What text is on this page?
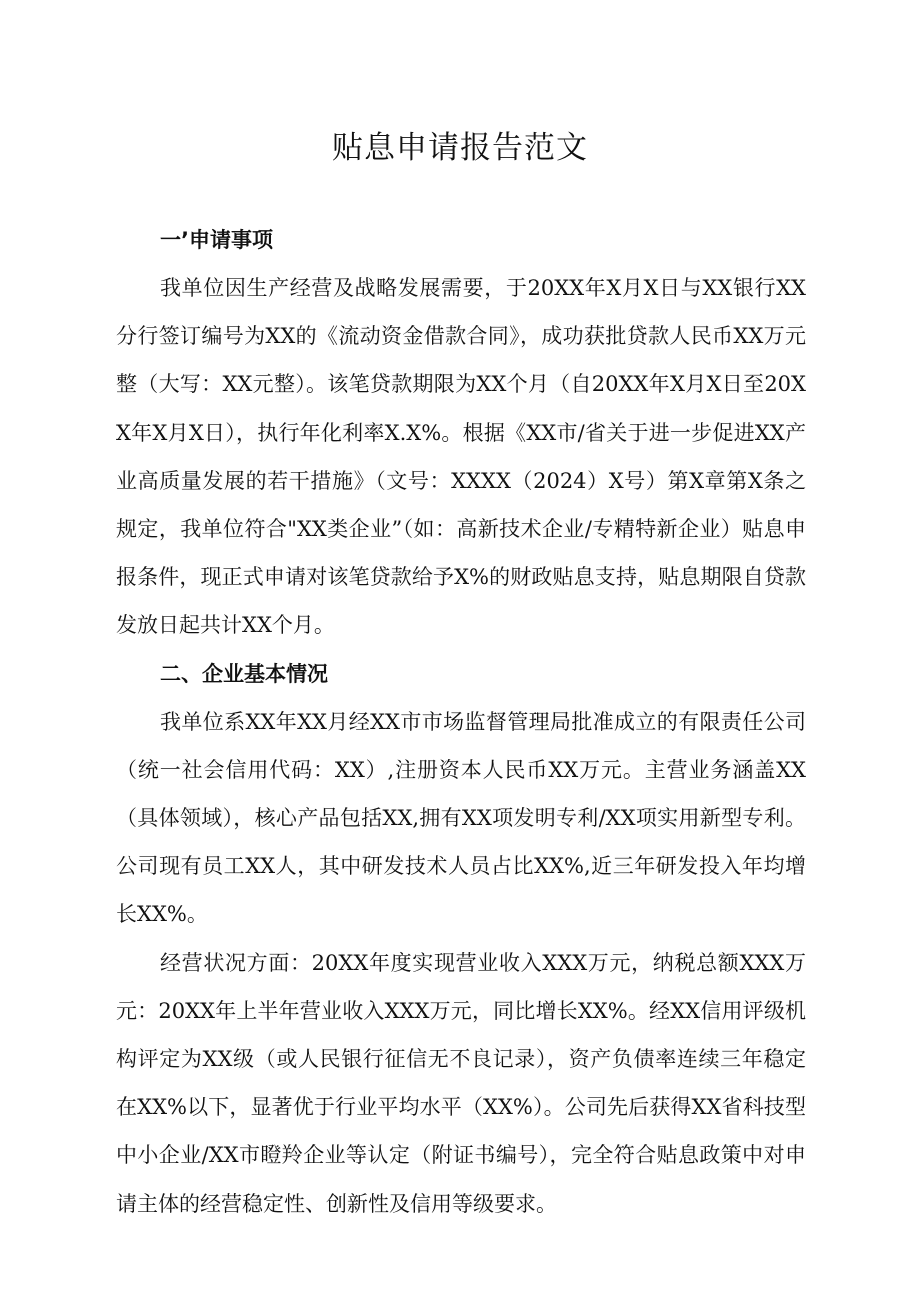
贴息申请报告范文
一’申请事项

我单位因生产经营及战略发展需要，于20XX年X月X日与XX银行XX分行签订编号为XX的《流动资金借款合同》，成功获批贷款人民币XX万元整（大写：XX元整）。该笔贷款期限为XX个月（自20XX年X月X日至20XX年X月X日），执行年化利率X.X%。根据《XX市/省关于进一步促进XX产业高质量发展的若干措施》（文号：XXXX（2024）X号）第X章第X条之规定，我单位符合"XX类企业”（如：高新技术企业/专精特新企业）贴息申报条件，现正式申请对该笔贷款给予X%的财政贴息支持，贴息期限自贷款发放日起共计XX个月。

二、企业基本情况

我单位系XX年XX月经XX市市场监督管理局批准成立的有限责任公司（统一社会信用代码：XX）,注册资本人民币XX万元。主营业务涵盖XX（具体领域），核心产品包括XX,拥有XX项发明专利/XX项实用新型专利。公司现有员工XX人，其中研发技术人员占比XX%,近三年研发投入年均增长XX%。

经营状况方面：20XX年度实现营业收入XXX万元，纳税总额XXX万元：20XX年上半年营业收入XXX万元，同比增长XX%。经XX信用评级机构评定为XX级（或人民银行征信无不良记录），资产负债率连续三年稳定在XX%以下，显著优于行业平均水平（XX%）。公司先后获得XX省科技型中小企业/XX市瞪羚企业等认定（附证书编号），完全符合贴息政策中对申请主体的经营稳定性、创新性及信用等级要求。
